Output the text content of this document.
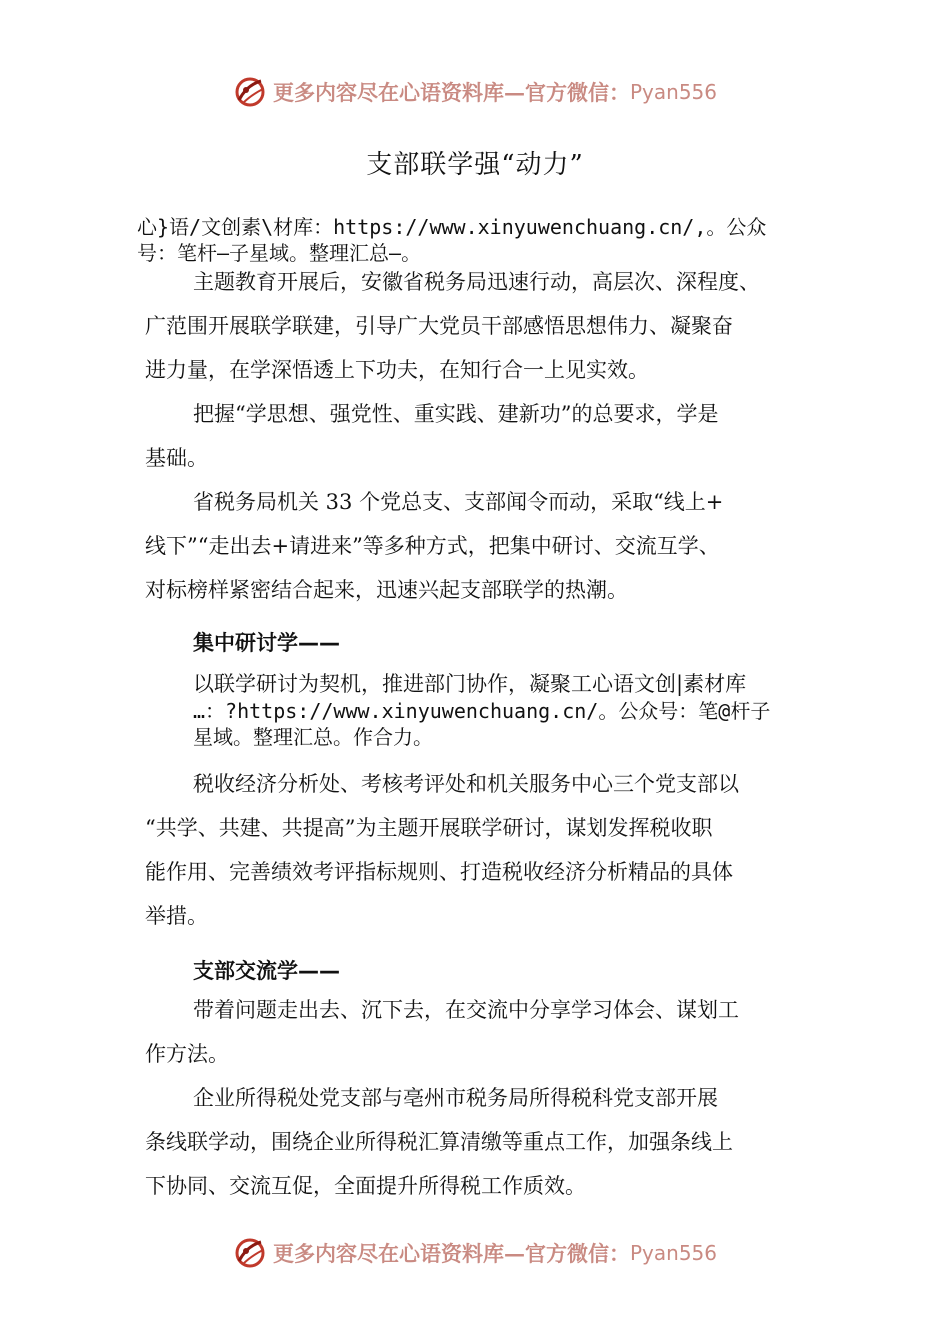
更多内容尽在心语资料库—官方微信： Pyan556
支部联学强“动力”
心}语/文创素\材库：https://www.xinyuwenchuang.cn/,。公众
号：笔杆—子星域。整理汇总—。
主题教育开展后，安徽省税务局迅速行动，高层次、深程度、
广范围开展联学联建，引导广大党员干部感悟思想伟力、凝聚奋
进力量，在学深悟透上下功夫，在知行合一上见实效。
把握“学思想、强党性、重实践、建新功”的总要求，学是
基础。
省税务局机关 33 个党总支、支部闻令而动，采取“线上+
线下”“走出去+请进来”等多种方式，把集中研讨、交流互学、
对标榜样紧密结合起来，迅速兴起支部联学的热潮。
集中研讨学——
以联学研讨为契机，推进部门协作，凝聚工心语文创|素材库
…：?https://www.xinyuwenchuang.cn/。公众号：笔@杆子
星域。整理汇总。作合力。
税收经济分析处、考核考评处和机关服务中心三个党支部以
“共学、共建、共提高”为主题开展联学研讨，谋划发挥税收职
能作用、完善绩效考评指标规则、打造税收经济分析精品的具体
举措。
支部交流学——
带着问题走出去、沉下去，在交流中分享学习体会、谋划工
作方法。
企业所得税处党支部与亳州市税务局所得税科党支部开展
条线联学动，围绕企业所得税汇算清缴等重点工作，加强条线上
下协同、交流互促，全面提升所得税工作质效。
更多内容尽在心语资料库—官方微信： Pyan556
